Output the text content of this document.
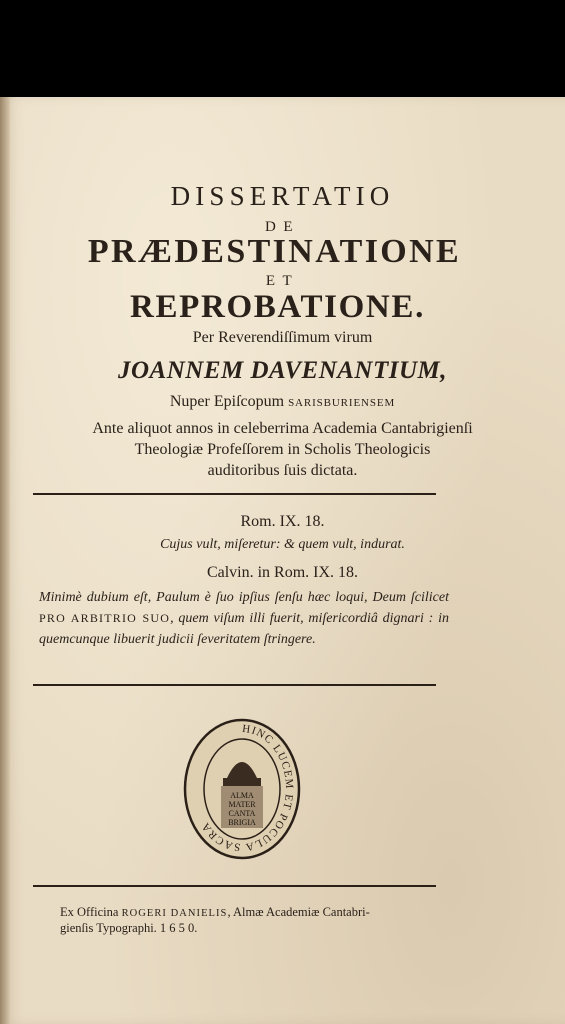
DISSERTATIO
DE
PRÆDESTINATIONE
ET
REPROBATIONE.
Per Reverendiſſimum virum
JOANNEM DAVENANTIUM,
Nuper Epiſcopum SARISBURIENSEM
Ante aliquot annos in celeberrima Academia Cantabrigienſi
Theologiæ Profeſſorem in Scholis Theologicis
auditoribus ſuis dictata.
Rom. IX. 18.
Cujus vult, miſeretur: & quem vult, indurat.
Calvin. in Rom. IX. 18.
Minimè dubium eſt, Paulum è ſuo ipſius ſenſu hæc loqui, Deum ſcilicet PRO ARBITRIO SUO, quem viſum illi fuerit, miſericordiâ dignari : in quemcunque libuerit judicii ſeveritatem ſtringere.
HINC LUCEM ET POCULA SACRA
ALMA
MATER
CANTA
BRIGIA
Ex Officina ROGERI DANIELIS, Almæ Academiæ Cantabri-
gienſis Typographi. 1 6 5 0.
